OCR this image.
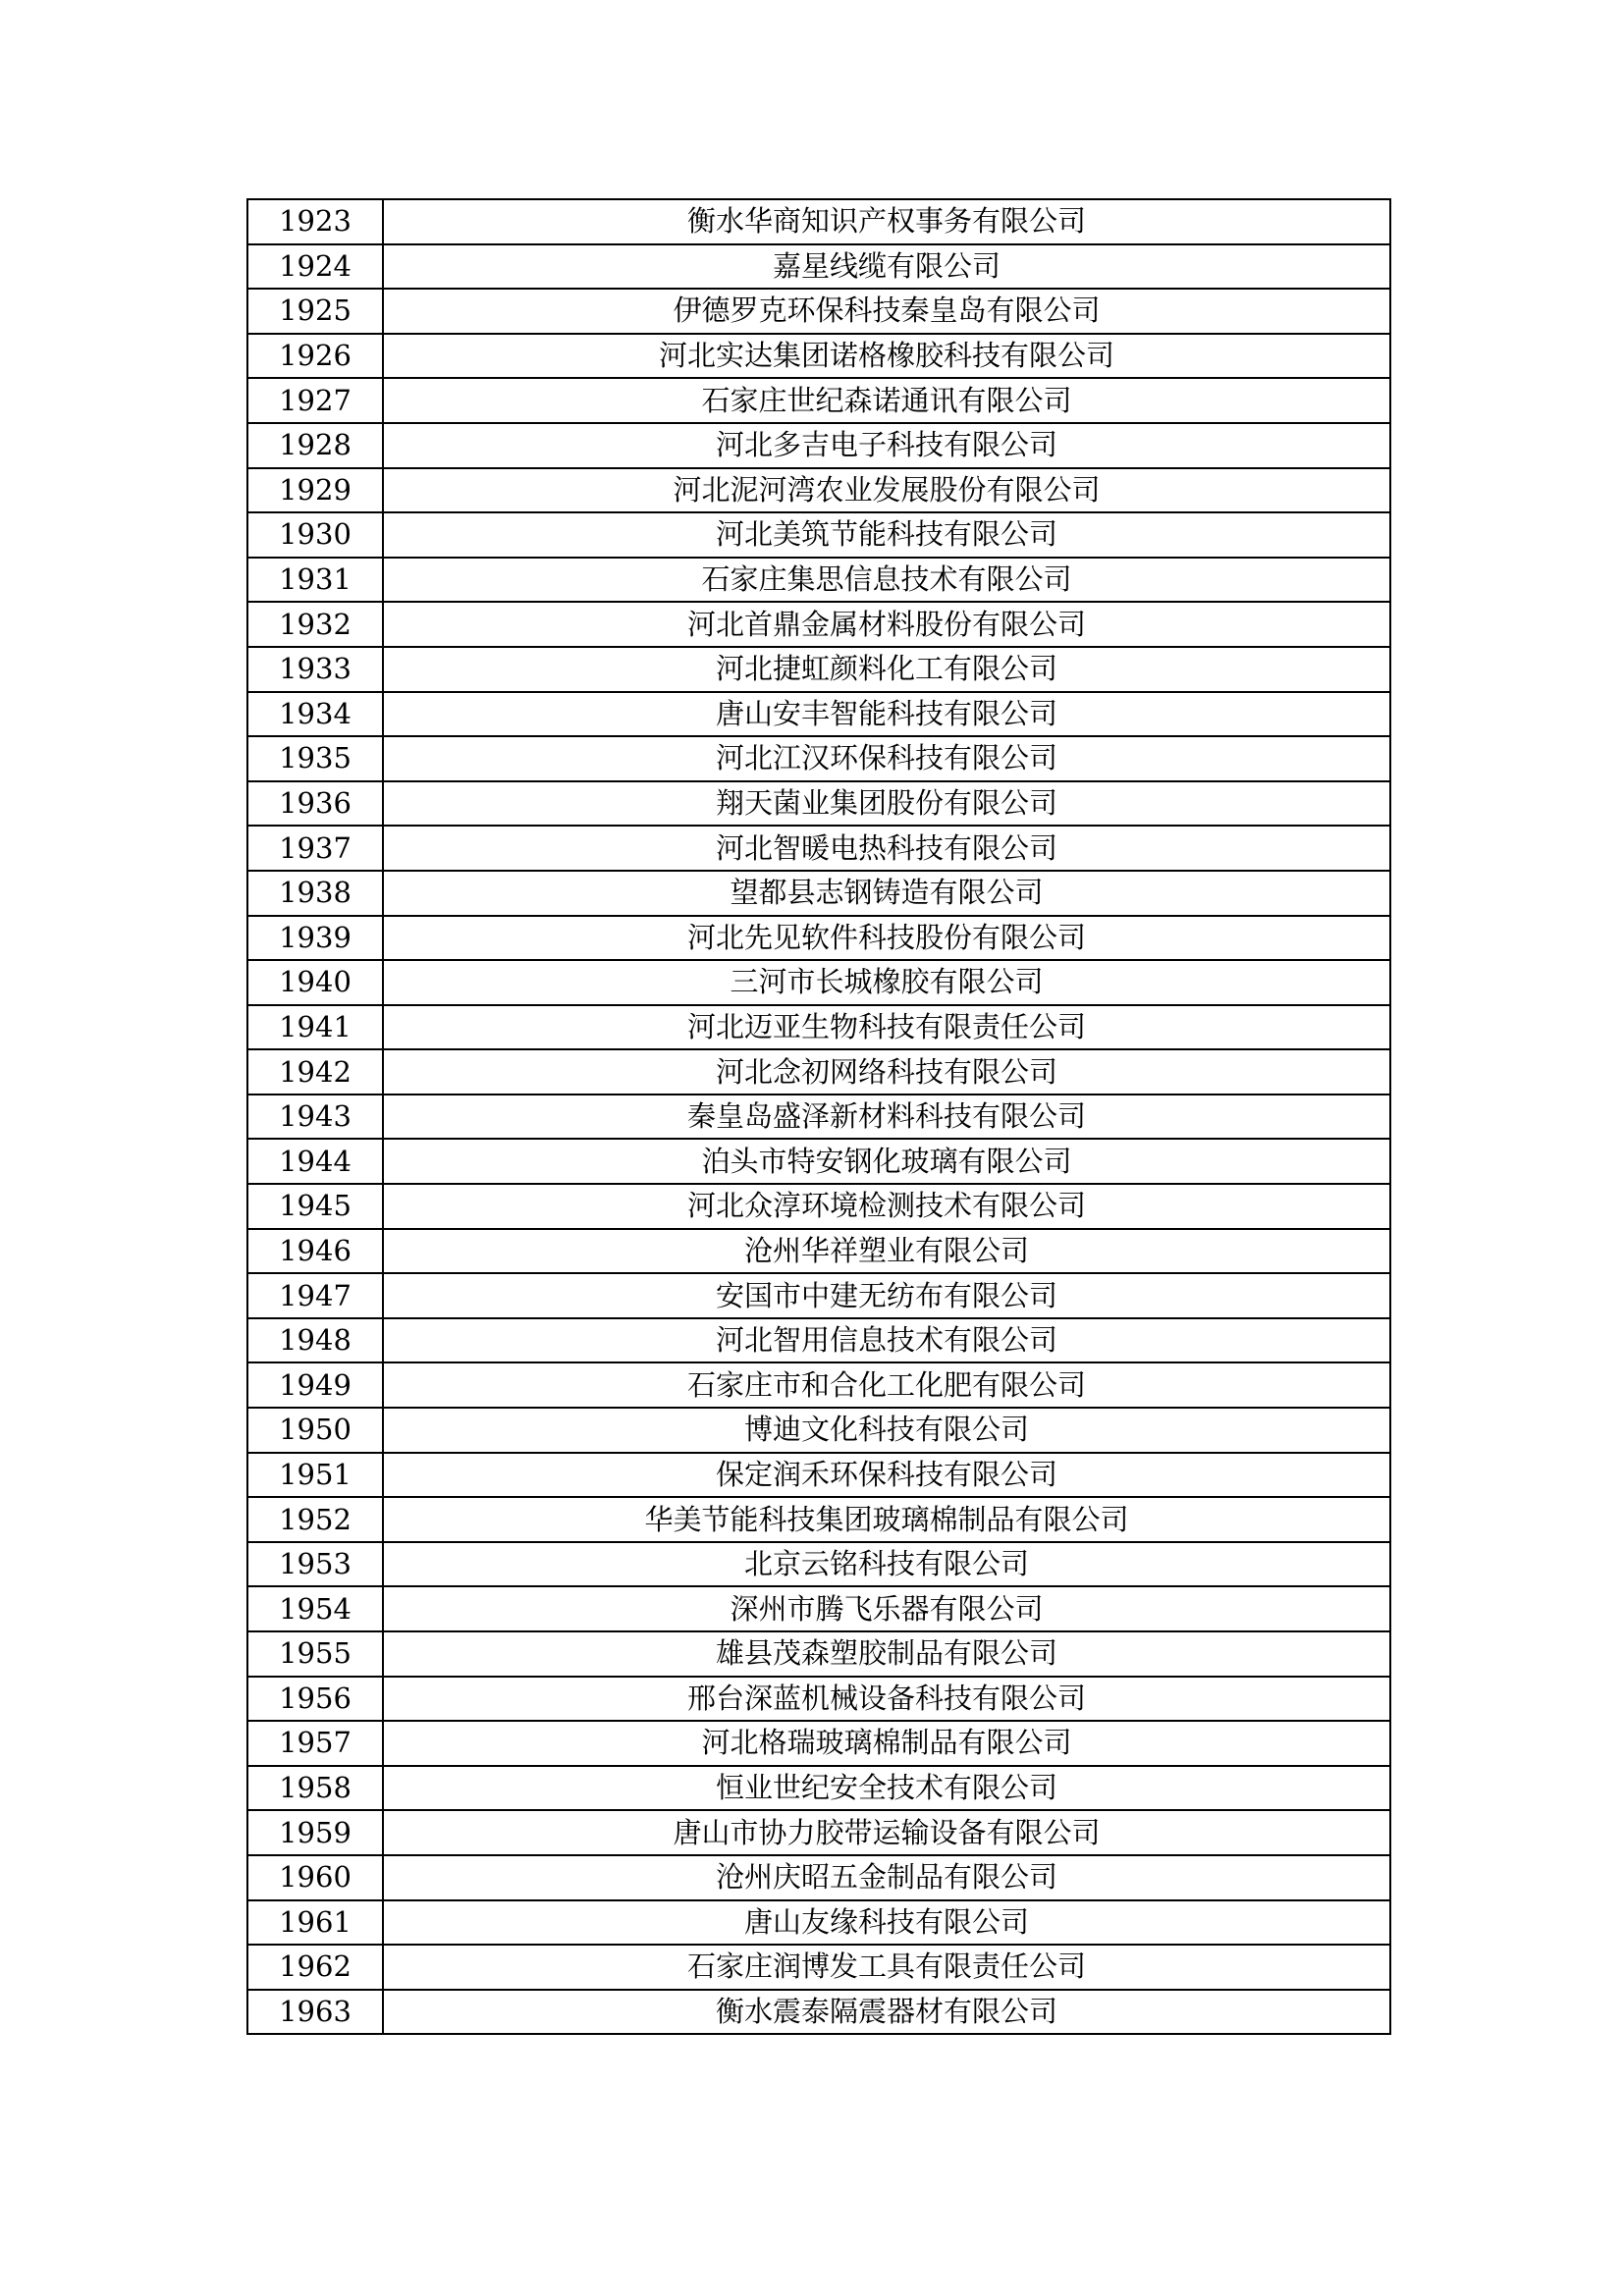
1923	衡水华商知识产权事务有限公司
1924	嘉星线缆有限公司
1925	伊德罗克环保科技秦皇岛有限公司
1926	河北实达集团诺格橡胶科技有限公司
1927	石家庄世纪森诺通讯有限公司
1928	河北多吉电子科技有限公司
1929	河北泥河湾农业发展股份有限公司
1930	河北美筑节能科技有限公司
1931	石家庄集思信息技术有限公司
1932	河北首鼎金属材料股份有限公司
1933	河北捷虹颜料化工有限公司
1934	唐山安丰智能科技有限公司
1935	河北江汉环保科技有限公司
1936	翔天菌业集团股份有限公司
1937	河北智暖电热科技有限公司
1938	望都县志钢铸造有限公司
1939	河北先见软件科技股份有限公司
1940	三河市长城橡胶有限公司
1941	河北迈亚生物科技有限责任公司
1942	河北念初网络科技有限公司
1943	秦皇岛盛泽新材料科技有限公司
1944	泊头市特安钢化玻璃有限公司
1945	河北众淳环境检测技术有限公司
1946	沧州华祥塑业有限公司
1947	安国市中建无纺布有限公司
1948	河北智用信息技术有限公司
1949	石家庄市和合化工化肥有限公司
1950	博迪文化科技有限公司
1951	保定润禾环保科技有限公司
1952	华美节能科技集团玻璃棉制品有限公司
1953	北京云铭科技有限公司
1954	深州市腾飞乐器有限公司
1955	雄县茂森塑胶制品有限公司
1956	邢台深蓝机械设备科技有限公司
1957	河北格瑞玻璃棉制品有限公司
1958	恒业世纪安全技术有限公司
1959	唐山市协力胶带运输设备有限公司
1960	沧州庆昭五金制品有限公司
1961	唐山友缘科技有限公司
1962	石家庄润博发工具有限责任公司
1963	衡水震泰隔震器材有限公司
